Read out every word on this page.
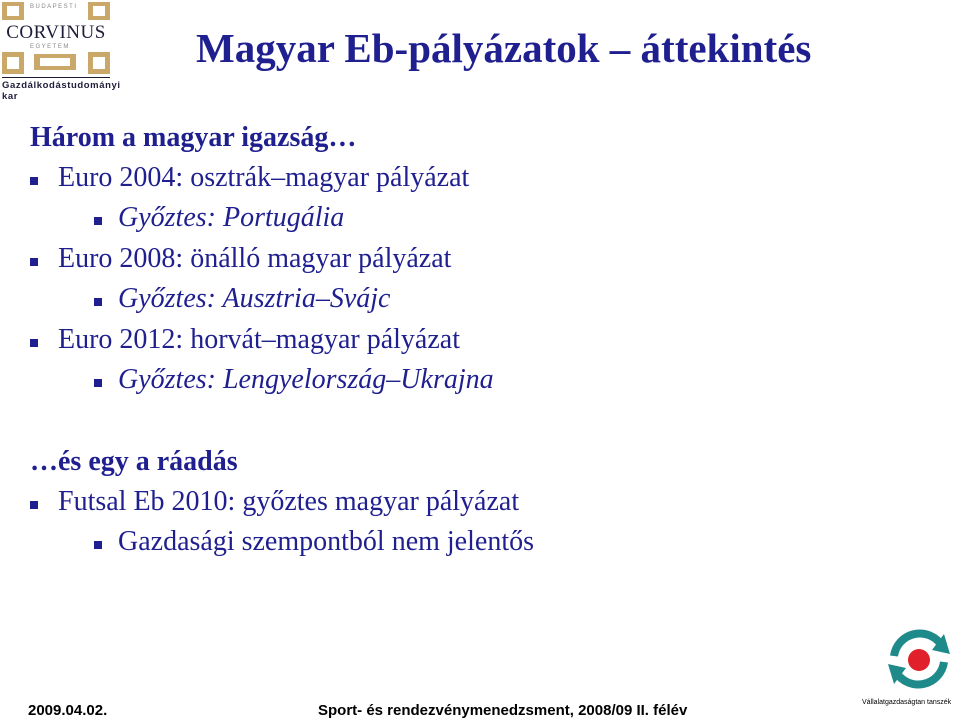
BUDAPESTI
CORVINUS
EGYETEM
Gazdálkodástudományi kar
Magyar Eb-pályázatok – áttekintés
Három a magyar igazság…
Euro 2004: osztrák–magyar pályázat
Győztes: Portugália
Euro 2008: önálló magyar pályázat
Győztes: Ausztria–Svájc
Euro 2012: horvát–magyar pályázat
Győztes: Lengyelország–Ukrajna
…és egy a ráadás
Futsal Eb 2010: győztes magyar pályázat
Gazdasági szempontból nem jelentős
2009.04.02.	Sport- és rendezvénymenedzsment, 2008/09 II. félév	Vállalatgazdaságtan tanszék
